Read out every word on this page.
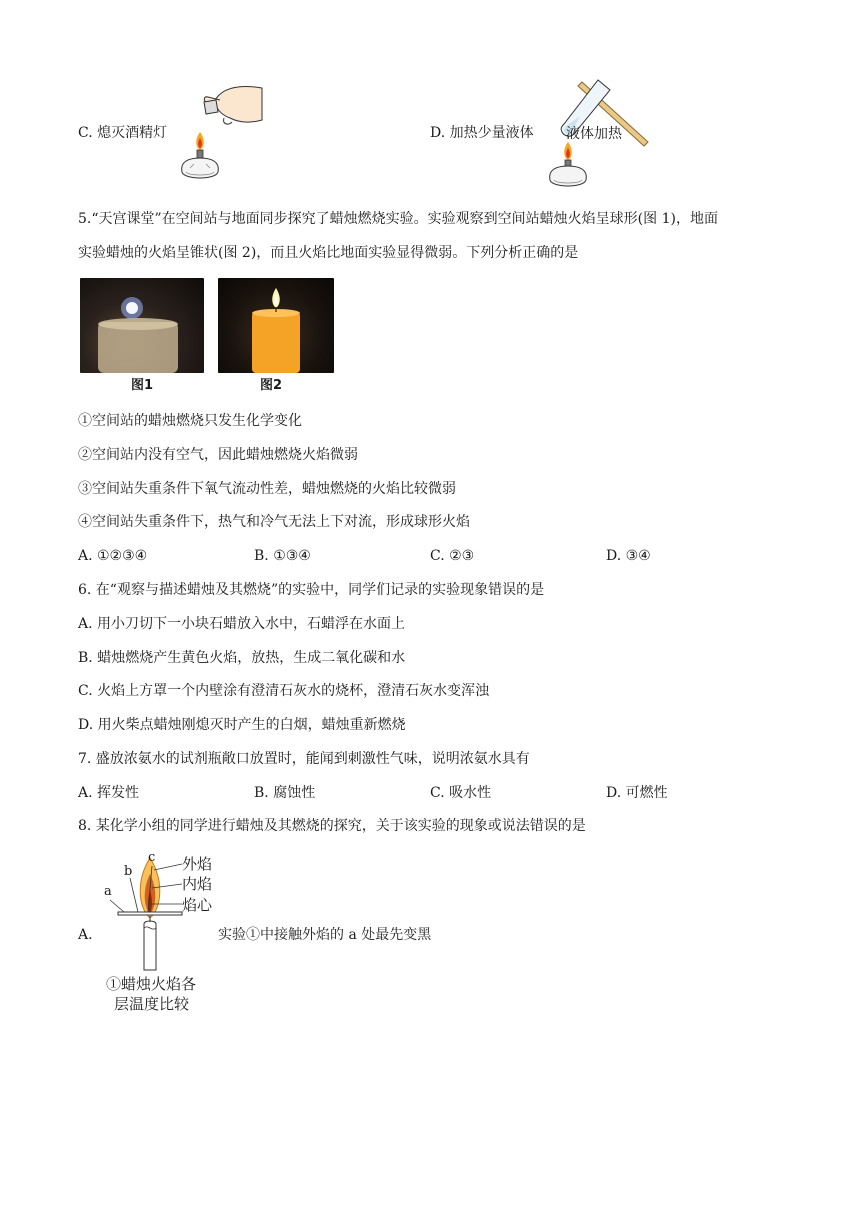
C. 熄灭酒精灯	D. 加热少量液体 液体加热
5.“天宫课堂”在空间站与地面同步探究了蜡烛燃烧实验。实验观察到空间站蜡烛火焰呈球形(图 1)，地面
实验蜡烛的火焰呈锥状(图 2)，而且火焰比地面实验显得微弱。下列分析正确的是
图1	图2
①空间站的蜡烛燃烧只发生化学变化
②空间站内没有空气，因此蜡烛燃烧火焰微弱
③空间站失重条件下氧气流动性差，蜡烛燃烧的火焰比较微弱
④空间站失重条件下，热气和冷气无法上下对流，形成球形火焰
A. ①②③④	B. ①③④	C. ②③	D. ③④
6. 在“观察与描述蜡烛及其燃烧”的实验中，同学们记录的实验现象错误的是
A. 用小刀切下一小块石蜡放入水中，石蜡浮在水面上
B. 蜡烛燃烧产生黄色火焰，放热，生成二氧化碳和水
C. 火焰上方罩一个内壁涂有澄清石灰水的烧杯，澄清石灰水变浑浊
D. 用火柴点蜡烛刚熄灭时产生的白烟，蜡烛重新燃烧
7. 盛放浓氨水的试剂瓶敞口放置时，能闻到刺激性气味，说明浓氨水具有
A. 挥发性	B. 腐蚀性	C. 吸水性	D. 可燃性
8. 某化学小组的同学进行蜡烛及其燃烧的探究，关于该实验的现象或说法错误的是
A.
外焰
内焰
焰心
a
b
c
实验①中接触外焰的 a 处最先变黑
①蜡烛火焰各
层温度比较
